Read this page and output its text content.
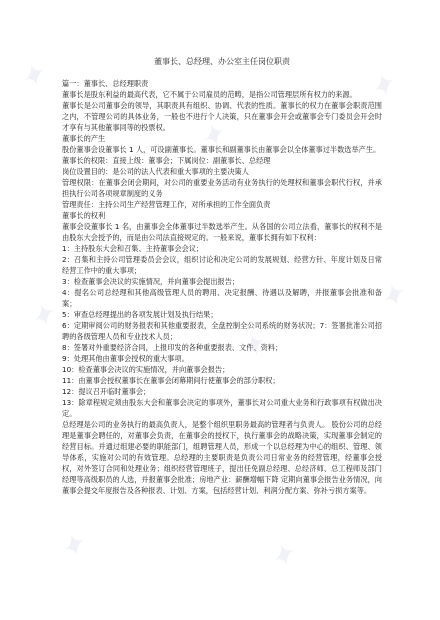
董事长、总经理、办公室主任岗位职责

篇一：董事长、总经理职责

董事长是股东利益的最高代表，它不属于公司雇员的范畴，是指公司管理层所有权力的来源。

董事长是公司董事会的领导，其职责具有组织、协调、代表的性质。董事长的权力在董事会职责范围之内，不管理公司的具体业务，一般也不进行个人决策，只在董事会开会或董事会专门委员会开会时才享有与其他董事同等的投票权。

董事长的产生

股份董事会设董事长 1 人，可设副董事长。董事长和副董事长由董事会以全体董事过半数选举产生。

董事长的权限：直接上级：董事会；下属岗位：副董事长、总经理

岗位设置目的：是公司的法人代表和重大事项的主要决策人

管理权限：在董事会闭会期间，对公司的重要业务活动有业务执行的处理权和董事会职代行权，并承担执行公司各项规章制度的义务

管理责任：主持公司生产经营管理工作，对所承担的工作全面负责

董事长的权利

董事会设董事长 1 名，由董事会全体董事过半数选举产生。从各国的公司立法看，董事长的权利不是由股东大会授予的，而是由公司法直接规定的。一般来说，董事长拥有如下权利：

1：主持股东大会和召集、主持董事会会议；

2：召集和主持公司管理委员会会议，组织讨论和决定公司的发展规划、经营方针、年度计划及日常经营工作中的重大事项；

3：检查董事会决议的实施情况，并向董事会提出报告；

4：提名公司总经理和其他高级管理人员的聘用、决定报酬、待遇以及解聘，并报董事会批准和备案；

5：审查总经理提出的各项发展计划及执行结果；

6：定期审阅公司的财务报表和其他重要报表，全盘控制全公司系统的财务状况；7：签署批准公司招聘的各级管理人员和专业技术人员；

8：签署对外重要经济合同，上报印发的各种重要报表、文件、资料；

9：处理其他由董事会授权的重大事项。

10：检查董事会决议的实施情况，并向董事会报告；

11：由董事会授权董事长在董事会闭幕期间行使董事会的部分职权；

12：提议召开临时董事会；

13：除章程规定须由股东大会和董事会决定的事项外，董事长对公司重大业务和行政事项有权做出决定。

总经理是公司的业务执行的最高负责人，是整个组织里职务最高的管理者与负责人。 股份公司的总经理是董事会聘任的，对董事会负责，在董事会的授权下，执行董事会的战略决策，实现董事会制定的经营目标。并通过组建必要的职能部门，组聘管理人员，形成一个以总经理为中心的组织、管理、领导体系，实施对公司的有效管理。总经理的主要职责是负责公司日常业务的经营管理，经董事会授权，对外签订合同和处理业务；组织经营管理班子，提出任免副总经理、总经济师、总工程师及部门经理等高级职员的人选，并报董事会批准；房地产业：薪酬增幅下降 定期向董事会报告业务情况，向董事会提交年度报告及各种报表、计划、方案，包括经营计划、利润分配方案、弥补亏损方案等。

✦
✦
✦
✦
✦
✦
✦	✦
